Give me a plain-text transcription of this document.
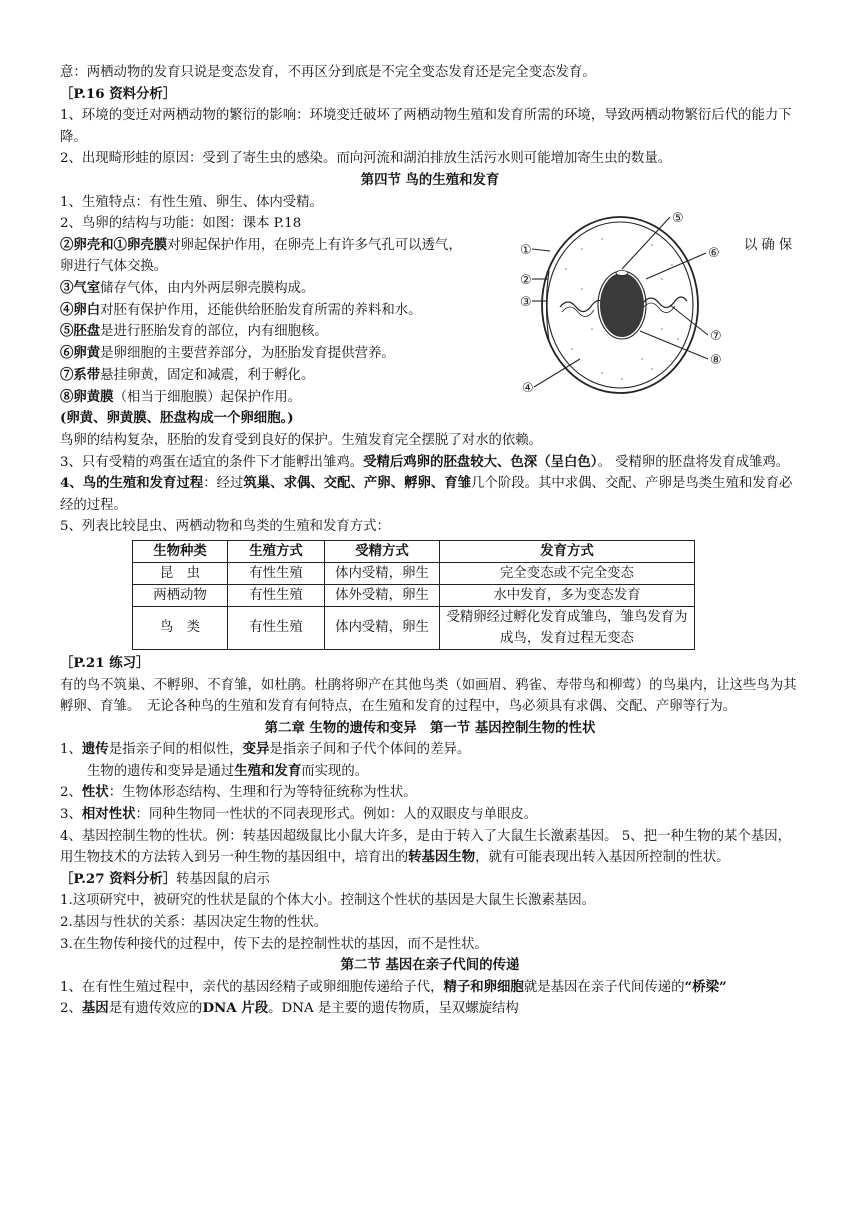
意：两栖动物的发育只说是变态发育，不再区分到底是不完全变态发育还是完全变态发育。

［P.16 资料分析］

1、环境的变迁对两栖动物的繁衍的影响：环境变迁破坏了两栖动物生殖和发育所需的环境，导致两栖动物繁衍后代的能力下降。

2、出现畸形蛙的原因：受到了寄生虫的感染。而向河流和湖泊排放生活污水则可能增加寄生虫的数量。

第四节 鸟的生殖和发育

1、生殖特点：有性生殖、卵生、体内受精。

2、鸟卵的结构与功能：如图：课本 P.18

②卵壳和①卵壳膜对卵起保护作用，在卵壳上有许多气孔可以透气，

⑤
①	⑥
②
③
⑦
⑧
④
以确保

卵进行气体交换。

③气室储存气体，由内外两层卵壳膜构成。

④卵白对胚有保护作用，还能供给胚胎发育所需的养料和水。

⑤胚盘是进行胚胎发育的部位，内有细胞核。

⑥卵黄是卵细胞的主要营养部分，为胚胎发育提供营养。

⑦系带悬挂卵黄，固定和减震，利于孵化。

⑧卵黄膜（相当于细胞膜）起保护作用。

(卵黄、卵黄膜、胚盘构成一个卵细胞。)

鸟卵的结构复杂，胚胎的发育受到良好的保护。生殖发育完全摆脱了对水的依赖。

3、只有受精的鸡蛋在适宜的条件下才能孵出雏鸡。受精后鸡卵的胚盘较大、色深（呈白色）。 受精卵的胚盘将发育成雏鸡。

4、鸟的生殖和发育过程：经过筑巢、求偶、交配、产卵、孵卵、育雏几个阶段。其中求偶、交配、产卵是鸟类生殖和发育必经的过程。

5、列表比较昆虫、两栖动物和鸟类的生殖和发育方式：

生物种类	生殖方式	受精方式	发育方式
昆　虫	有性生殖	体内受精，卵生	完全变态或不完全变态
两栖动物	有性生殖	体外受精，卵生	水中发育，多为变态发育
鸟　类	有性生殖	体内受精，卵生	受精卵经过孵化发育成雏鸟，雏鸟发育为成鸟，发育过程无变态

［P.21 练习］

有的鸟不筑巢、不孵卵、不育雏，如杜鹃。杜鹃将卵产在其他鸟类（如画眉、鸦雀、寿带鸟和柳莺）的鸟巢内，让这些鸟为其孵卵、育雏。　无论各种鸟的生殖和发育有何特点，在生殖和发育的过程中，鸟必须具有求偶、交配、产卵等行为。

第二章 生物的遗传和变异　第一节 基因控制生物的性状

1、遗传是指亲子间的相似性，变异是指亲子间和子代个体间的差异。

生物的遗传和变异是通过生殖和发育而实现的。

2、性状：生物体形态结构、生理和行为等特征统称为性状。

3、相对性状：同种生物同一性状的不同表现形式。例如：人的双眼皮与单眼皮。

4、基因控制生物的性状。例：转基因超级鼠比小鼠大许多，是由于转入了大鼠生长激素基因。 5、把一种生物的某个基因，用生物技术的方法转入到另一种生物的基因组中，培育出的转基因生物，就有可能表现出转入基因所控制的性状。

［P.27 资料分析］转基因鼠的启示

1.这项研究中，被研究的性状是鼠的个体大小。控制这个性状的基因是大鼠生长激素基因。

2.基因与性状的关系：基因决定生物的性状。

3.在生物传种接代的过程中，传下去的是控制性状的基因，而不是性状。

第二节 基因在亲子代间的传递

1、在有性生殖过程中，亲代的基因经精子或卵细胞传递给子代，精子和卵细胞就是基因在亲子代间传递的“桥梁”

2、基因是有遗传效应的DNA 片段。DNA 是主要的遗传物质，呈双螺旋结构
